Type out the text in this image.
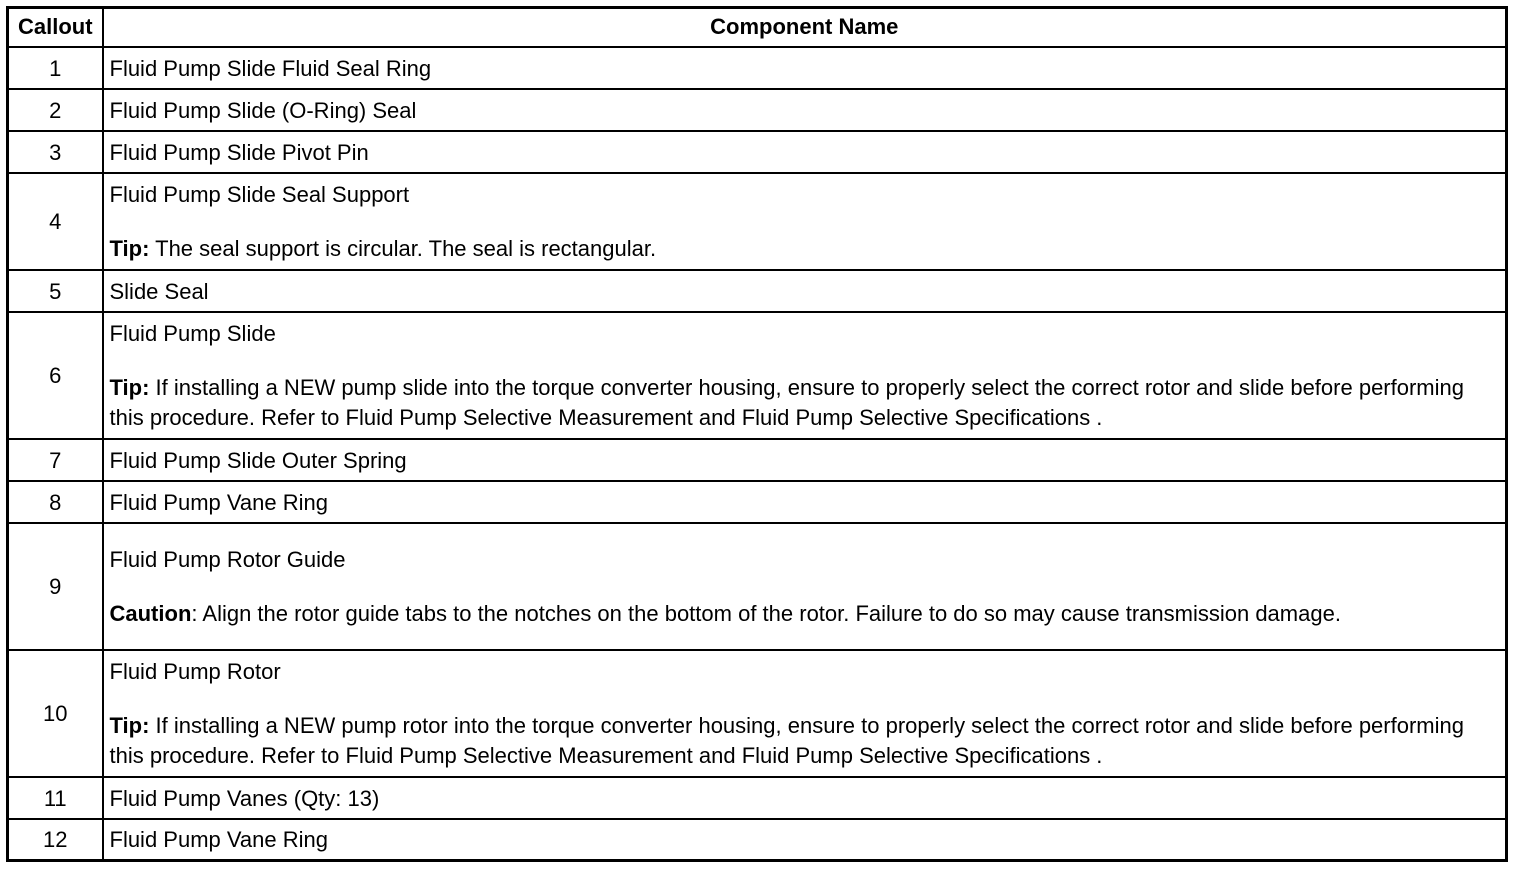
Callout	Component Name
1	Fluid Pump Slide Fluid Seal Ring

2	Fluid Pump Slide (O-Ring) Seal

3	Fluid Pump Slide Pivot Pin

4	Fluid Pump Slide Seal Support
Tip: The seal support is circular. The seal is rectangular.

5	Slide Seal

6	Fluid Pump Slide
Tip: If installing a NEW pump slide into the torque converter housing, ensure to properly select the correct rotor and slide before performing this procedure. Refer to Fluid Pump Selective Measurement and Fluid Pump Selective Specifications .

7	Fluid Pump Slide Outer Spring

8	Fluid Pump Vane Ring

9	Fluid Pump Rotor Guide
Caution: Align the rotor guide tabs to the notches on the bottom of the rotor. Failure to do so may cause transmission damage.

10	Fluid Pump Rotor
Tip: If installing a NEW pump rotor into the torque converter housing, ensure to properly select the correct rotor and slide before performing this procedure. Refer to Fluid Pump Selective Measurement and Fluid Pump Selective Specifications .

11	Fluid Pump Vanes (Qty: 13)

12	Fluid Pump Vane Ring
